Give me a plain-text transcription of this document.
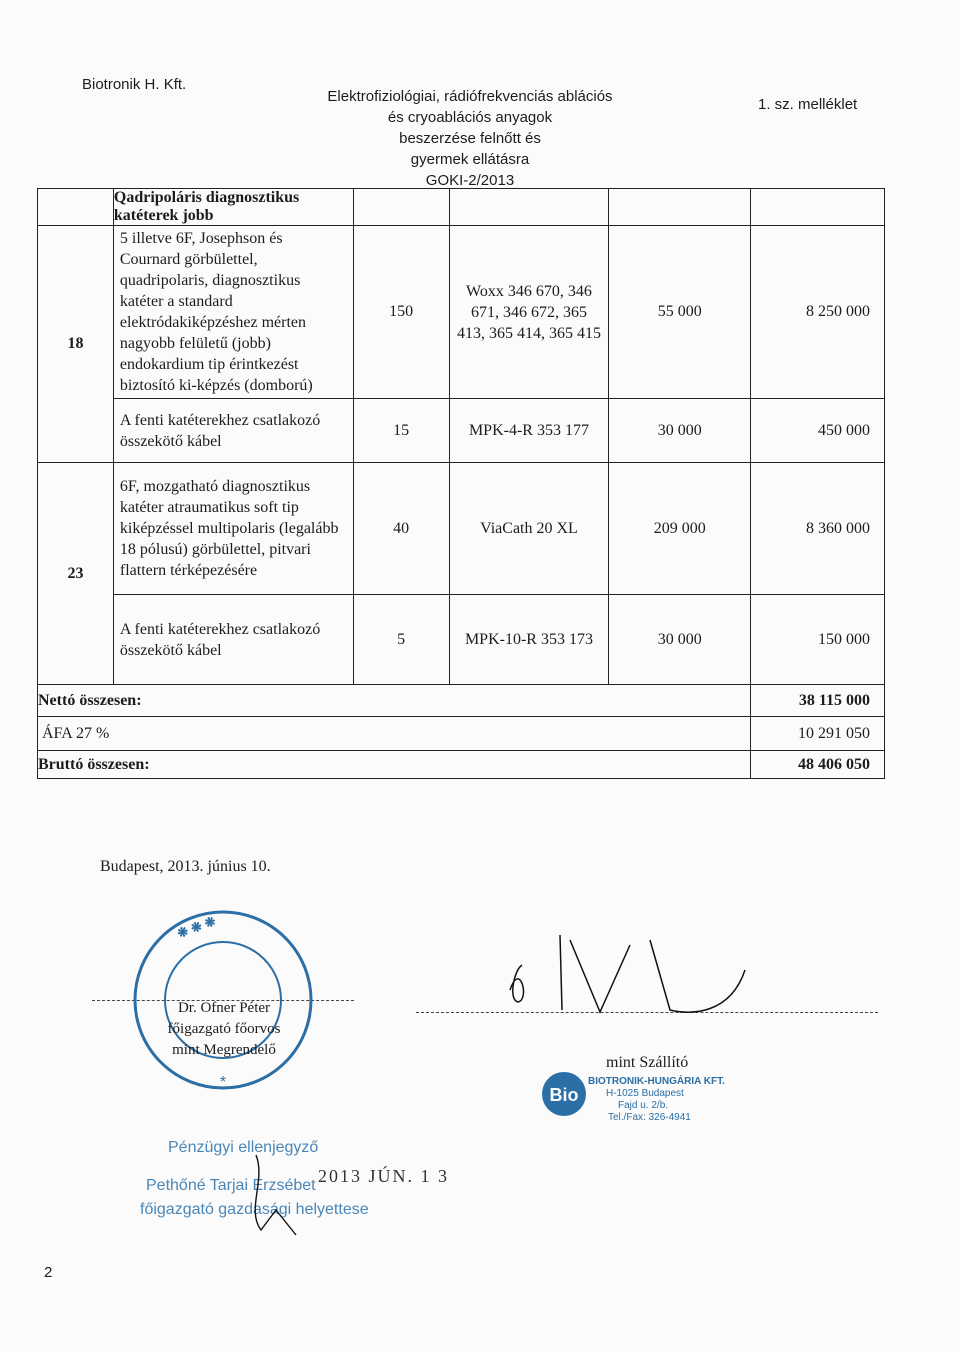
Biotronik H. Kft.
Elektrofiziológiai, rádiófrekvenciás ablációs
és cryoablációs anyagok
beszerzése felnőtt és
gyermek ellátásra
GOKI-2/2013
1. sz. melléklet
	Qadripoláris diagnosztikus katéterek jobb				
18	5 illetve 6F, Josephson és Cournard görbülettel, quadripolaris, diagnosztikus katéter a standard elektródakiképzéshez mérten nagyobb felületű (jobb) endokardium tip érintkezést biztosító ki-képzés (domború)	150	Woxx 346 670, 346 671, 346 672, 365 413, 365 414, 365 415	55 000	8 250 000
	A fenti katéterekhez csatlakozó összekötő kábel	15	MPK-4-R 353 177	30 000	450 000
23	6F, mozgatható diagnosztikus katéter atraumatikus soft tip kiképzéssel multipolaris (legalább 18 pólusú) görbülettel, pitvari flattern térképezésére	40	ViaCath 20 XL	209 000	8 360 000
	A fenti katéterekhez csatlakozó összekötő kábel	5	MPK-10-R 353 173	30 000	150 000
Nettó összesen:					38 115 000
ÁFA 27 %					10 291 050
Bruttó összesen:					48 406 050
Budapest, 2013. június 10.
❋ ❋ ❋
*
Dr. Ofner Péter
főigazgató főorvos
mint Megrendelő
mint Szállító
Bio
BIOTRONIK-HUNGÁRIA KFT.
H-1025 Budapest
Fajd u. 2/b.
Tel./Fax: 326-4941
2013 JÚN. 1 3
Pénzügyi ellenjegyző
Pethőné Tarjai Erzsébet
főigazgató gazdasági helyettese
2
